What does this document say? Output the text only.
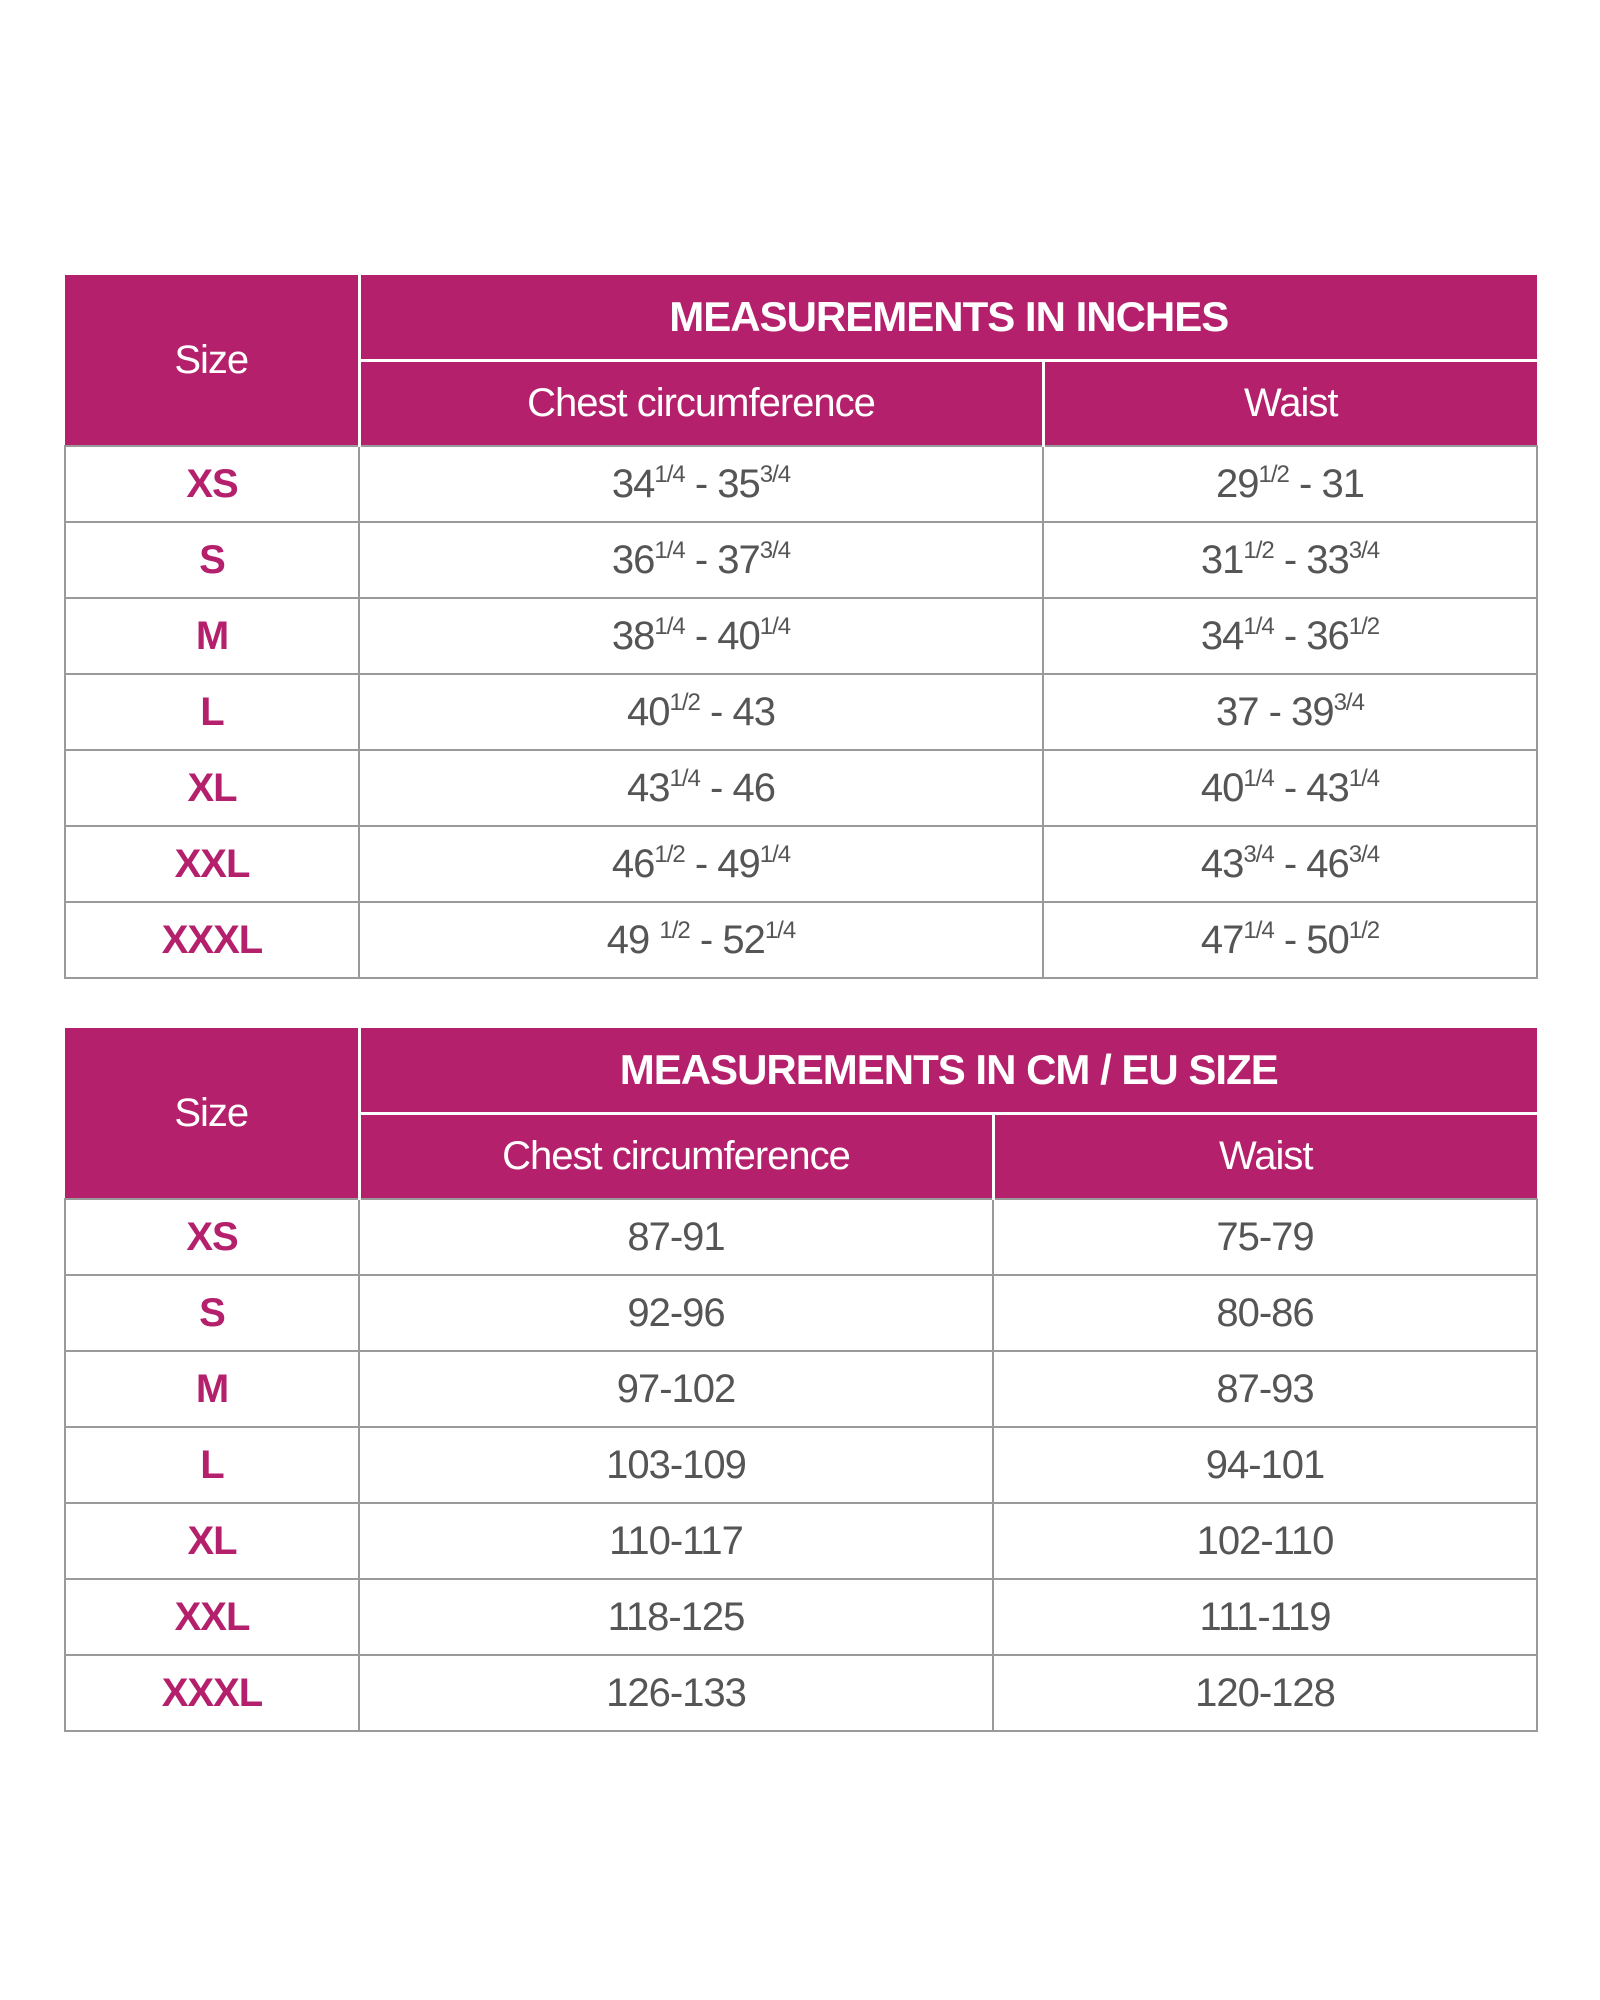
Size	MEASUREMENTS IN INCHES	
	Chest circumference	Waist
XS	$34^{1/4} - 35^{3/4}$	$29^{1/2} - 31$
S	$36^{1/4} - 37^{3/4}$	$31^{1/2} - 33^{3/4}$
M	$38^{1/4} - 40^{1/4}$	$34^{1/4} - 36^{1/2}$
L	$40^{1/2} - 43$	$37 - 39^{3/4}$
XL	$43^{1/4} - 46$	$40^{1/4} - 43^{1/4}$
XXL	$46^{1/2} - 49^{1/4}$	$43^{3/4} - 46^{3/4}$
XXXL	49 $^{1/2} - 52^{1/4}$	$47^{1/4} - 50^{1/2}$
Size	MEASUREMENTS IN CM / EU SIZE	
	Chest circumference	Waist
XS	87-91	75-79
S	92-96	80-86
M	97-102	87-93
L	103-109	94-101
XL	110-117	102-110
XXL	118-125	111-119
XXXL	126-133	120-128
